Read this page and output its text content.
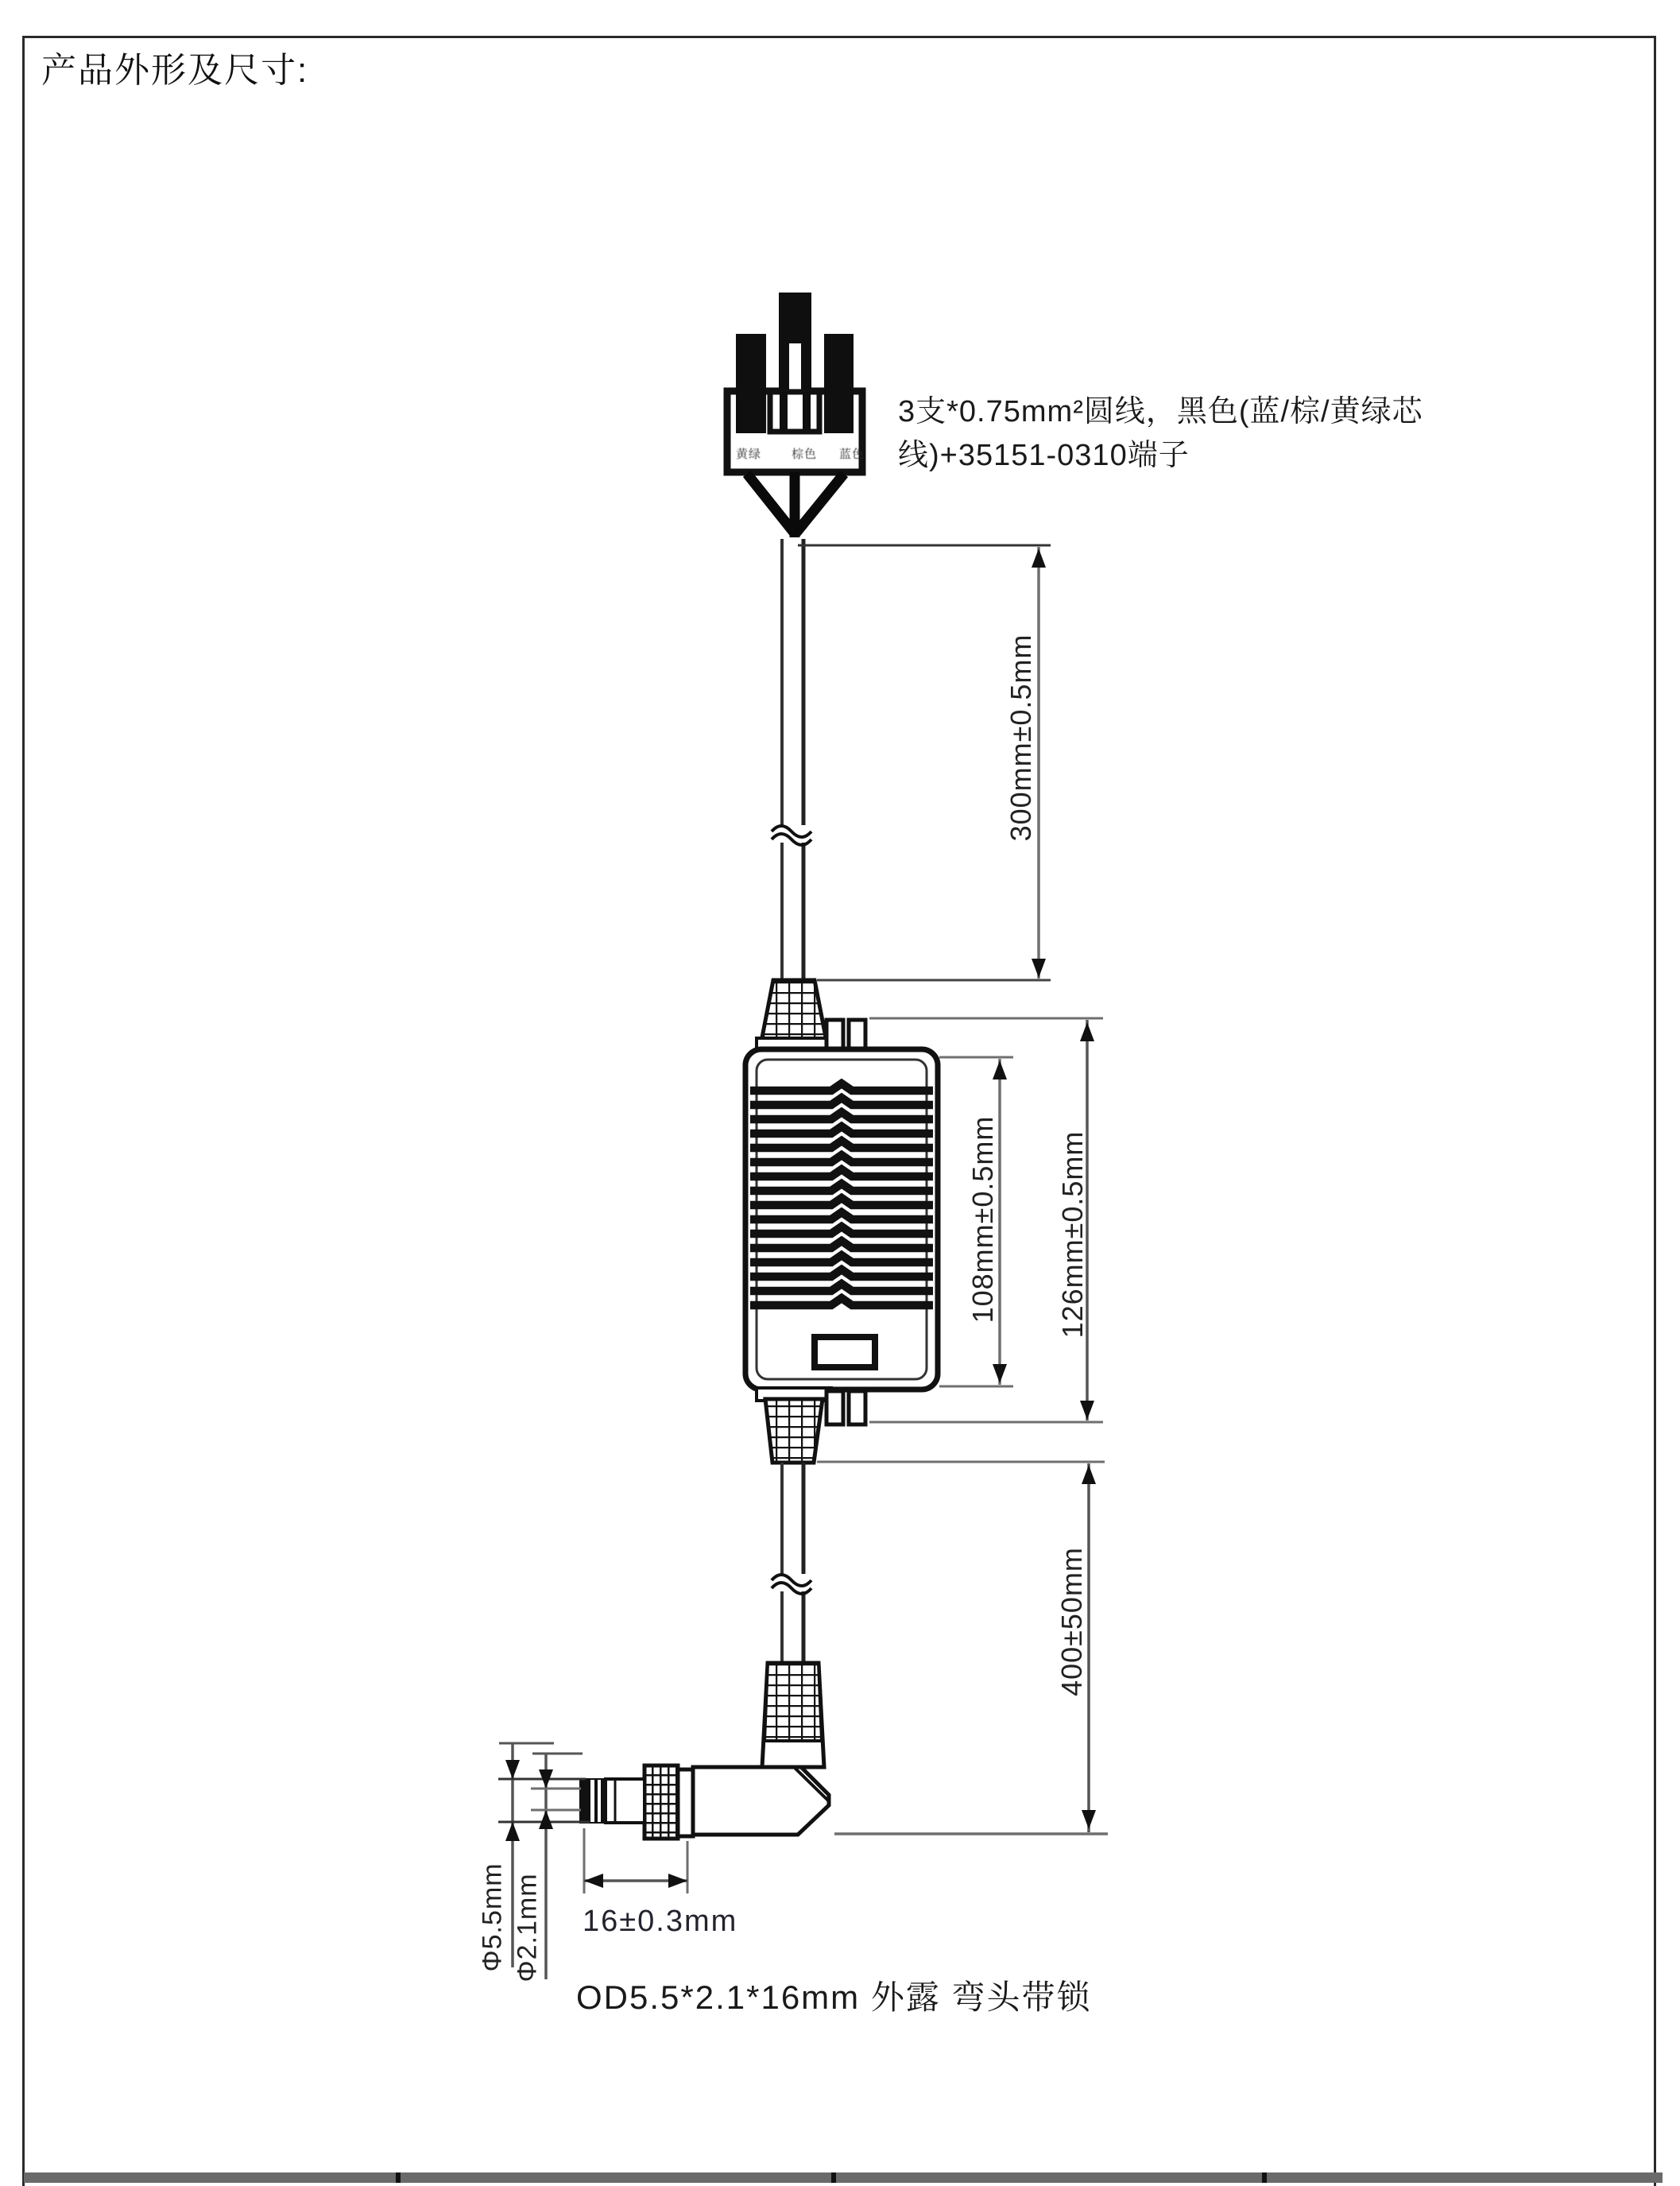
产品外形及尺寸:
3支*0.75mm²圆线，黑色(蓝/棕/黄绿芯
线)+35151-0310端子
黄绿	棕色	蓝色
300mm±0.5mm
108mm±0.5mm 126mm±0.5mm
400±50mm
Φ5.5mm Φ2.1mm 16±0.3mm
OD5.5*2.1*16mm 外露 弯头带锁
